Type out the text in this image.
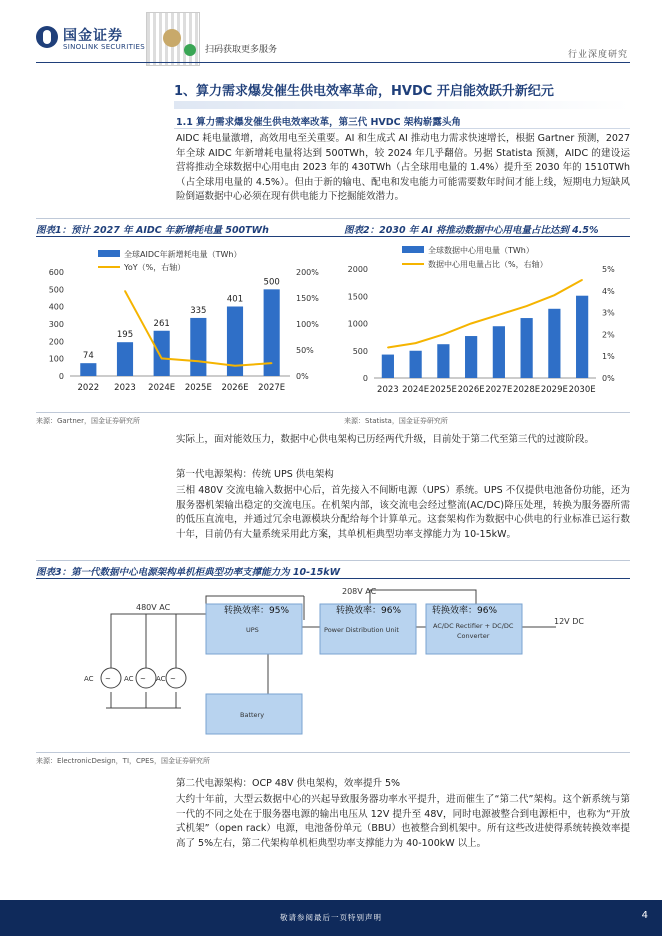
国金证券
SINOLINK SECURITIES	扫码获取更多服务	行业深度研究
1、算力需求爆发催生供电效率革命，HVDC 开启能效跃升新纪元
1.1 算力需求爆发催生供电效率改革，第三代 HVDC 架构崭露头角
AIDC 耗电量激增，高效用电至关重要。AI 和生成式 AI 推动电力需求快速增长，根据 Gartner 预测，2027 年全球 AIDC 年新增耗电量将达到 500TWh，较 2024 年几乎翻倍。另据 Statista 预测，AIDC 的建设运营将推动全球数据中心用电由 2023 年的 430TWh（占全球用电量的 1.4%）提升至 2030 年的 1510TWh（占全球用电量的 4.5%）。但由于新的输电、配电和发电能力可能需要数年时间才能上线，短期电力短缺风险倒逼数据中心必须在现有供电能力下挖掘能效潜力。
图表1：预计 2027 年 AIDC 年新增耗电量 500TWh	图表2：2030 年 AI 将推动数据中心用电量占比达到 4.5%
全球AIDC年新增耗电量（TWh）
YoY（%，右轴）
0
100
200
300
400
500
600
0%
50%
100%
150%
200%
74
2022
195
2023
261
2024E
335
2025E
401
2026E
500
2027E
全球数据中心用电量（TWh）
数据中心用电量占比（%，右轴）
0
500
1000
1500
2000
0%
1%
2%
3%
4%
5%
2023 2024E 2025E 2026E 2027E 2028E 2029E 2030E
来源：Gartner，国金证券研究所	来源：Statista，国金证券研究所
实际上，面对能效压力，数据中心供电架构已历经两代升级，目前处于第二代至第三代的过渡阶段。
第一代电源架构：传统 UPS 供电架构
三相 480V 交流电输入数据中心后，首先接入不间断电源（UPS）系统。UPS 不仅提供电池备份功能，还为服务器机架输出稳定的交流电压。在机架内部，该交流电会经过整流(AC/DC)降压处理，转换为服务器所需的低压直流电，并通过冗余电源模块分配给每个计算单元。这套架构作为数据中心供电的行业标准已运行数十年，目前仍有大量系统采用此方案，其单机柜典型功率支撑能力为 10-15kW。
图表3：第一代数据中心电源架构单机柜典型功率支撑能力为 10-15kW
~
AC	~
AC	~
AC
480V AC
208V AC
12V DC
转换效率：95%
UPS
转换效率：96%
Power Distribution Unit
转换效率：96%
AC/DC Rectifier + DC/DC
Converter
Battery
来源：ElectronicDesign，TI，CPES，国金证券研究所
第二代电源架构：OCP 48V 供电架构，效率提升 5%
大约十年前，大型云数据中心的兴起导致服务器功率水平提升，进而催生了“第二代”架构。这个新系统与第一代的不同之处在于服务器电源的输出电压从 12V 提升至 48V，同时电源被整合到电源柜中，也称为“开放式机架”（open rack）电源，电池备份单元（BBU）也被整合到机架中。所有这些改进使得系统转换效率提高了 5%左右，第二代架构单机柜典型功率支撑能力为 40-100kW 以上。
敬请参阅最后一页特别声明	4
